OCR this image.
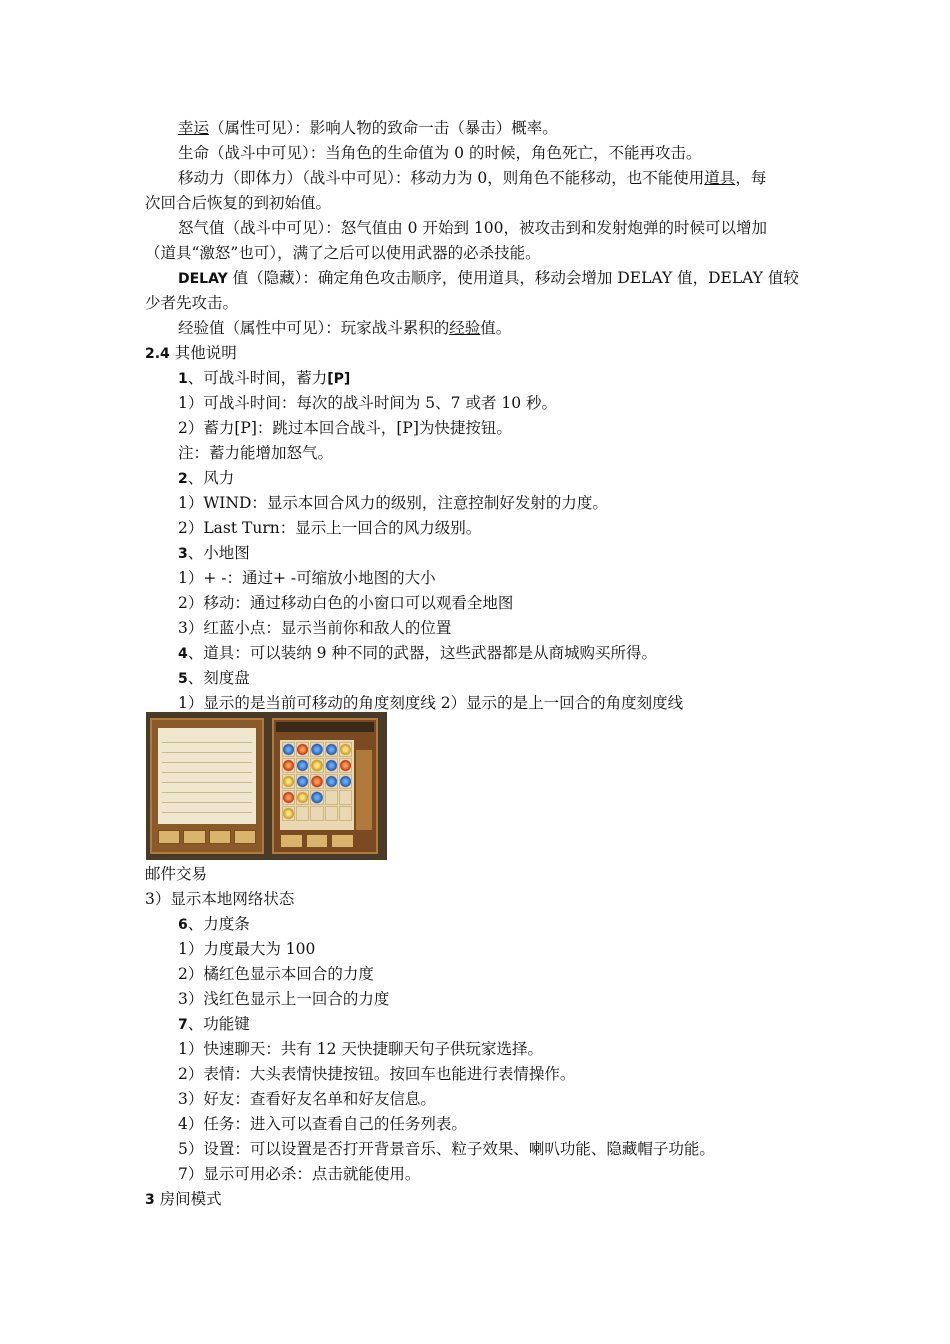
幸运（属性可见）：影响人物的致命一击（暴击）概率。
生命（战斗中可见）：当角色的生命值为 0 的时候，角色死亡，不能再攻击。
移动力（即体力）（战斗中可见）：移动力为 0，则角色不能移动，也不能使用道具，每
次回合后恢复的到初始值。
怒气值（战斗中可见）：怒气值由 0 开始到 100，被攻击到和发射炮弹的时候可以增加
（道具“激怒”也可），满了之后可以使用武器的必杀技能。
DELAY 值（隐藏）：确定角色攻击顺序，使用道具，移动会增加 DELAY 值，DELAY 值较
少者先攻击。
经验值（属性中可见）：玩家战斗累积的经验值。
2.4 其他说明
1、可战斗时间，蓄力[P]
1）可战斗时间：每次的战斗时间为 5、7 或者 10 秒。
2）蓄力[P]：跳过本回合战斗，[P]为快捷按钮。
注：蓄力能增加怒气。
2、风力
1）WIND：显示本回合风力的级别，注意控制好发射的力度。
2）Last Turn：显示上一回合的风力级别。
3、小地图
1）+ -：通过+ -可缩放小地图的大小
2）移动：通过移动白色的小窗口可以观看全地图
3）红蓝小点：显示当前你和敌人的位置
4、道具：可以装纳 9 种不同的武器，这些武器都是从商城购买所得。
5、刻度盘
1）显示的是当前可移动的角度刻度线 2）显示的是上一回合的角度刻度线
邮件交易
3）显示本地网络状态
6、力度条
1）力度最大为 100
2）橘红色显示本回合的力度
3）浅红色显示上一回合的力度
7、功能键
1）快速聊天：共有 12 天快捷聊天句子供玩家选择。
2）表情：大头表情快捷按钮。按回车也能进行表情操作。
3）好友：查看好友名单和好友信息。
4）任务：进入可以查看自己的任务列表。
5）设置：可以设置是否打开背景音乐、粒子效果、喇叭功能、隐藏帽子功能。
7）显示可用必杀：点击就能使用。
3 房间模式
